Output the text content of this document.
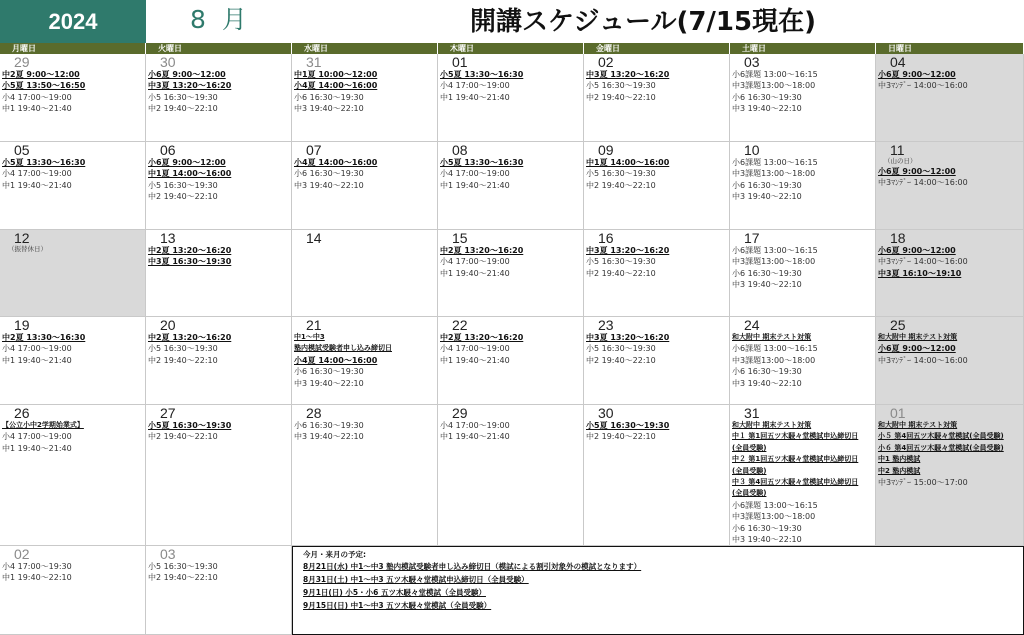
2024	8 月	開講スケジュール(7/15現在)
月曜日	火曜日	水曜日	木曜日	金曜日	土曜日	日曜日
29
中2夏 9:00～12:00
小5夏 13:50～16:50
小4 17:00～19:00
中1 19:40～21:40
30
小6夏 9:00～12:00
中3夏 13:20～16:20
小5 16:30～19:30
中2 19:40～22:10
31
中1夏 10:00～12:00
小4夏 14:00～16:00
小6 16:30～19:30
中3 19:40～22:10
01
小5夏 13:30～16:30
小4 17:00～19:00
中1 19:40～21:40
02
中3夏 13:20～16:20
小5 16:30～19:30
中2 19:40～22:10
03
小6課題 13:00～16:15
中3課題13:00～18:00
小6 16:30～19:30
中3 19:40～22:10
04
小6夏 9:00～12:00
中3ﾏﾝﾃﾞｰ 14:00～16:00
05
小5夏 13:30～16:30
小4 17:00～19:00
中1 19:40～21:40
06
小6夏 9:00～12:00
中1夏 14:00～16:00
小5 16:30～19:30
中2 19:40～22:10
07
小4夏 14:00～16:00
小6 16:30～19:30
中3 19:40～22:10
08
小5夏 13:30～16:30
小4 17:00～19:00
中1 19:40～21:40
09
中1夏 14:00～16:00
小5 16:30～19:30
中2 19:40～22:10
10
小6課題 13:00～16:15
中3課題13:00～18:00
小6 16:30～19:30
中3 19:40～22:10
11
（山の日）
小6夏 9:00～12:00
中3ﾏﾝﾃﾞｰ 14:00～16:00
12
（振替休日）
13
中2夏 13:20～16:20
中3夏 16:30～19:30
14	15
中2夏 13:20～16:20
小4 17:00～19:00
中1 19:40～21:40
16
中3夏 13:20～16:20
小5 16:30～19:30
中2 19:40～22:10
17
小6課題 13:00～16:15
中3課題13:00～18:00
小6 16:30～19:30
中3 19:40～22:10
18
小6夏 9:00～12:00
中3ﾏﾝﾃﾞｰ 14:00～16:00
中3夏 16:10～19:10
19
中2夏 13:30～16:30
小4 17:00～19:00
中1 19:40～21:40
20
中2夏 13:20～16:20
小5 16:30～19:30
中2 19:40～22:10
21
中1～中3
塾内模試受験者申し込み締切日
小4夏 14:00～16:00
小6 16:30～19:30
中3 19:40～22:10
22
中2夏 13:20～16:20
小4 17:00～19:00
中1 19:40～21:40
23
中3夏 13:20～16:20
小5 16:30～19:30
中2 19:40～22:10
24
和大附中 期末テスト対策
小6課題 13:00～16:15
中3課題13:00～18:00
小6 16:30～19:30
中3 19:40～22:10
25
和大附中 期末テスト対策
小6夏 9:00～12:00
中3ﾏﾝﾃﾞｰ 14:00～16:00
26
【公立小中2学期始業式】
小4 17:00～19:00
中1 19:40～21:40
27
小5夏 16:30～19:30
中2 19:40～22:10
28
小6 16:30～19:30
中3 19:40～22:10
29
小4 17:00～19:00
中1 19:40～21:40
30
小5夏 16:30～19:30
中2 19:40～22:10
31
和大附中 期末テスト対策
中１ 第1回五ツ木駸々堂模試申込締切日
(全員受験)
中２ 第1回五ツ木駸々堂模試申込締切日
(全員受験)
中３ 第4回五ツ木駸々堂模試申込締切日
(全員受験)
小6課題 13:00～16:15
中3課題13:00～18:00
小6 16:30～19:30
中3 19:40～22:10
01
和大附中 期末テスト対策
小５ 第4回五ツ木駸々堂模試(全員受験)
小６ 第4回五ツ木駸々堂模試(全員受験)
中1 塾内模試
中2 塾内模試
中3ﾏﾝﾃﾞｰ 15:00～17:00
02
小4 17:00～19:30
中1 19:40～22:10
03
小5 16:30～19:30
中2 19:40～22:10
今月・来月の予定:
8月21日(水) 中1～中3 塾内模試受験者申し込み締切日（模試による割引対象外の模試となります）
8月31日(土) 中1～中3 五ツ木駸々堂模試申込締切日（全員受験）
9月1日(日) 小5・小6 五ツ木駸々堂模試（全員受験）
9月15日(日) 中1～中3 五ツ木駸々堂模試（全員受験）
